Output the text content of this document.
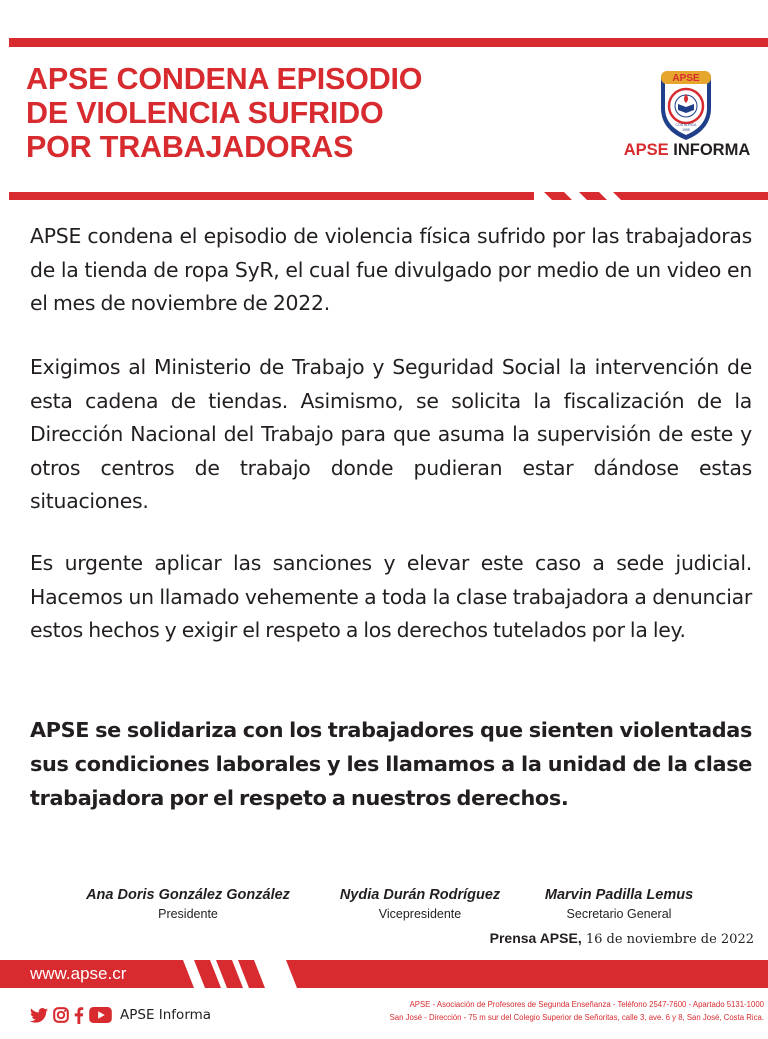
APSE CONDENA EPISODIO
DE VIOLENCIA SUFRIDO
POR TRABAJADORAS
APSE
COSTA RICA
1955
APSE INFORMA
APSE condena el episodio de violencia física sufrido por las trabajadoras de la tienda de ropa SyR, el cual fue divulgado por medio de un video en el mes de noviembre de 2022.
Exigimos al Ministerio de Trabajo y Seguridad Social la intervención de esta cadena de tiendas. Asimismo, se solicita la fiscalización de la Dirección Nacional del Trabajo para que asuma la supervisión de este y otros centros de trabajo donde pudieran estar dándose estas situaciones.
Es urgente aplicar las sanciones y elevar este caso a sede judicial. Hacemos un llamado vehemente a toda la clase trabajadora a denunciar estos hechos y exigir el respeto a los derechos tutelados por la ley.
APSE se solidariza con los trabajadores que sienten violentadas sus condiciones laborales y les llamamos a la unidad de la clase trabajadora por el respeto a nuestros derechos.
Ana Doris González González
Presidente
Nydia Durán Rodríguez
Vicepresidente
Marvin Padilla Lemus
Secretario General
Prensa APSE, 16 de noviembre de 2022
www.apse.cr
APSE Informa
APSE - Asociación de Profesores de Segunda Enseñanza - Teléfono 2547-7600 - Apartado 5131-1000
San José - Dirección - 75 m sur del Colegio Superior de Señoritas, calle 3, ave. 6 y 8, San José, Costa Rica.
